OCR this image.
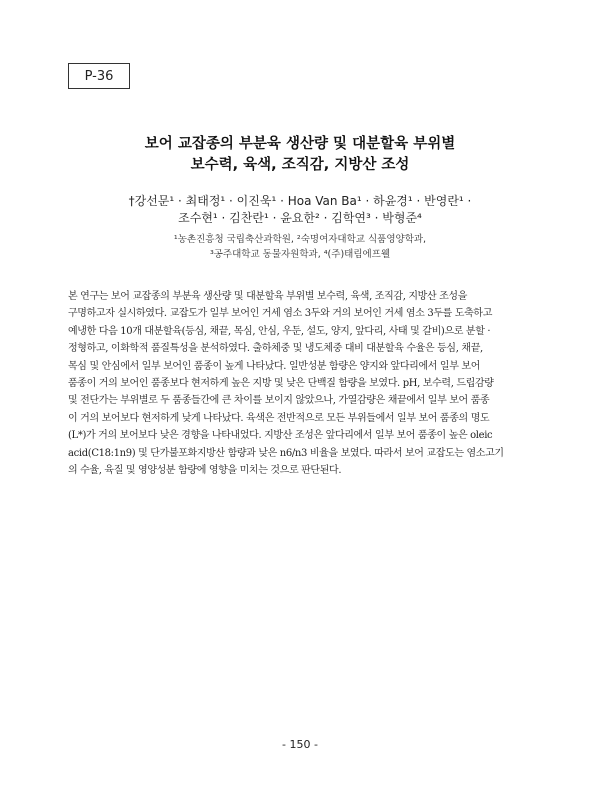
P-36
보어 교잡종의 부분육 생산량 및 대분할육 부위별
보수력, 육색, 조직감, 지방산 조성
†강선문¹ · 최태정¹ · 이진욱¹ · Hoa Van Ba¹ · 하윤경¹ · 반영란¹ ·
조수현¹ · 김찬란¹ · 윤요한² · 김학연³ · 박형준⁴
¹농촌진흥청 국립축산과학원, ²숙명여자대학교 식품영양학과,
³공주대학교 동물자원학과, ⁴(주)태림에프웰

본 연구는 보어 교잡종의 부분육 생산량 및 대분할육 부위별 보수력, 육색, 조직감, 지방산 조성을
구명하고자 실시하였다. 교잡도가 일부 보어인 거세 염소 3두와 거의 보어인 거세 염소 3두를 도축하고
예냉한 다음 10개 대분할육(등심, 채끝, 목심, 안심, 우둔, 설도, 양지, 앞다리, 사태 및 갈비)으로 분할 ·
정형하고, 이화학적 품질특성을 분석하였다. 출하체중 및 냉도체중 대비 대분할육 수율은 등심, 채끝,
목심 및 안심에서 일부 보어인 품종이 높게 나타났다. 일반성분 함량은 양지와 앞다리에서 일부 보어
품종이 거의 보어인 품종보다 현저하게 높은 지방 및 낮은 단백질 함량을 보였다. pH, 보수력, 드립감량
및 전단가는 부위별로 두 품종들간에 큰 차이를 보이지 않았으나, 가열감량은 채끝에서 일부 보어 품종
이 거의 보어보다 현저하게 낮게 나타났다. 육색은 전반적으로 모든 부위들에서 일부 보어 품종의 명도
(L*)가 거의 보어보다 낮은 경향을 나타내었다. 지방산 조성은 앞다리에서 일부 보어 품종이 높은 oleic
acid(C18:1n9) 및 단가불포화지방산 함량과 낮은 n6/n3 비율을 보였다. 따라서 보어 교잡도는 염소고기
의 수율, 육질 및 영양성분 함량에 영향을 미치는 것으로 판단된다.

- 150 -
